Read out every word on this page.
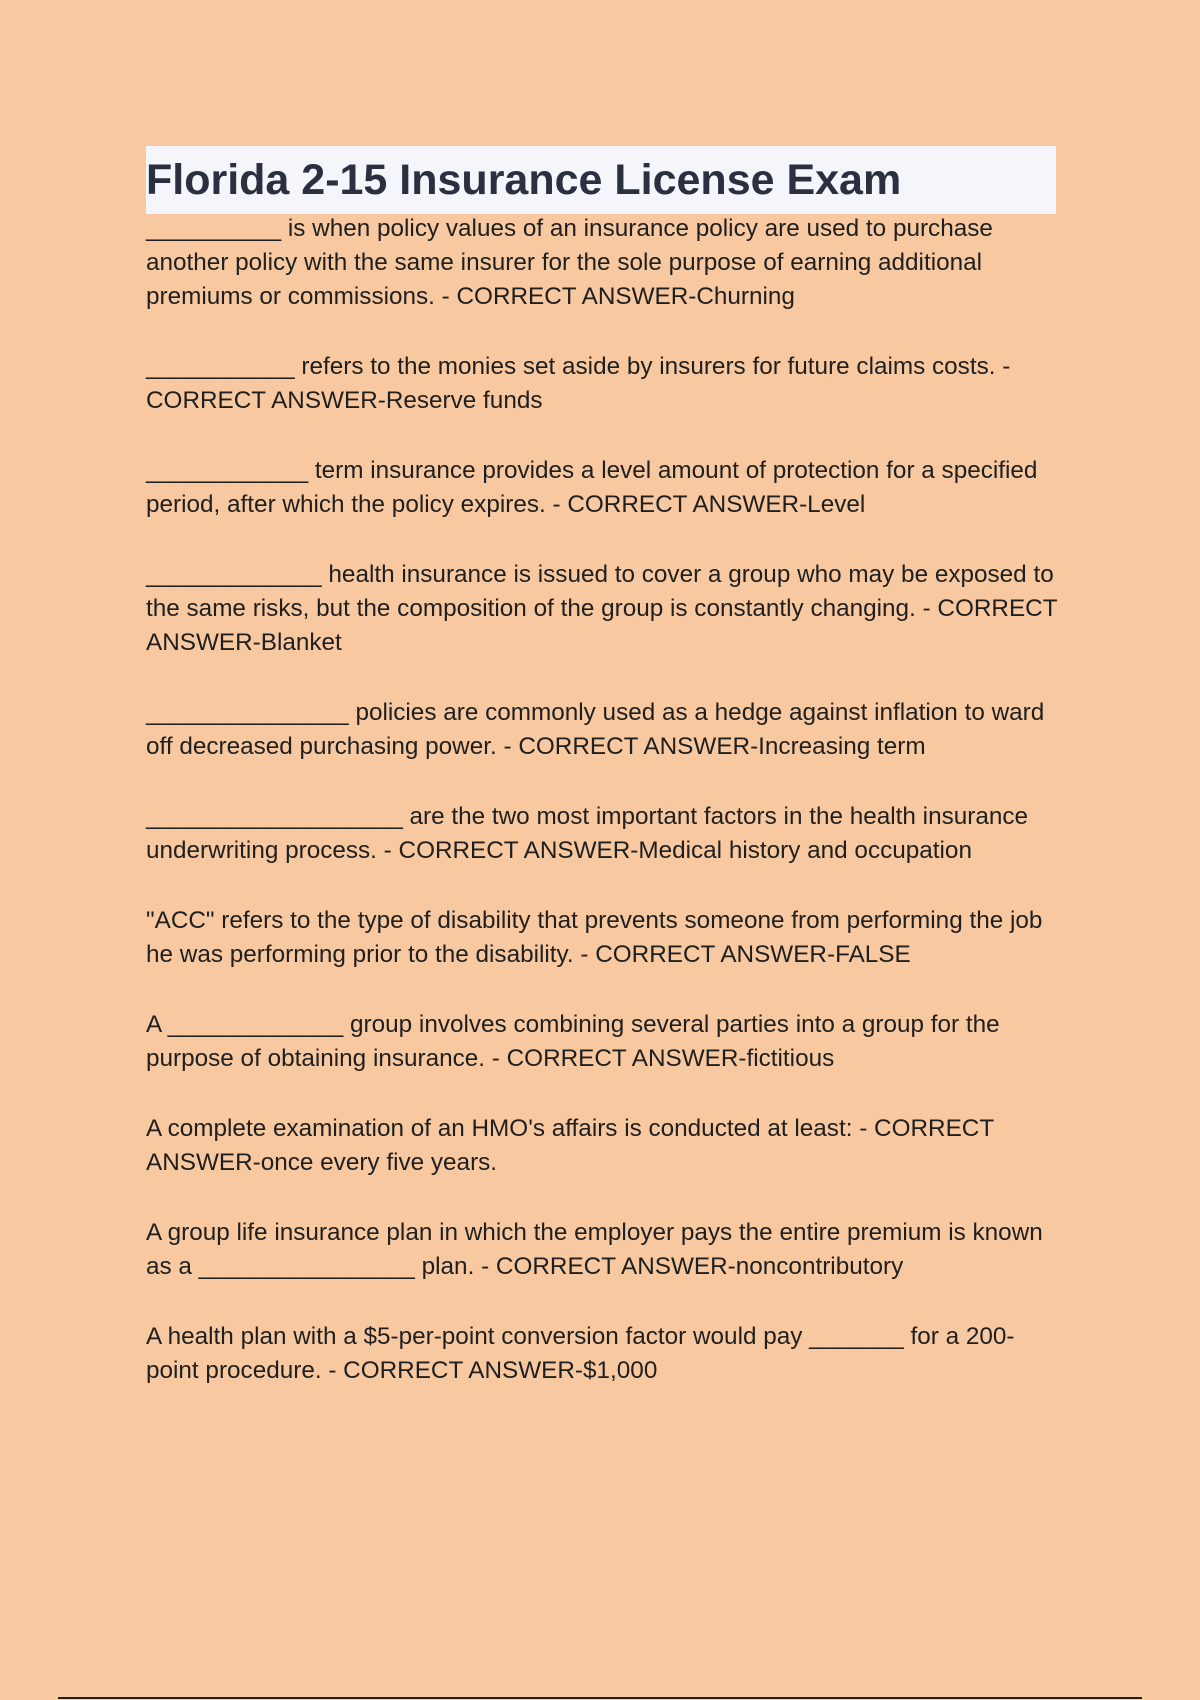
Florida 2-15 Insurance License Exam

__________ is when policy values of an insurance policy are used to purchase another policy with the same insurer for the sole purpose of earning additional premiums or commissions. - CORRECT ANSWER-Churning

___________ refers to the monies set aside by insurers for future claims costs. - CORRECT ANSWER-Reserve funds

____________ term insurance provides a level amount of protection for a specified period, after which the policy expires. - CORRECT ANSWER-Level

_____________ health insurance is issued to cover a group who may be exposed to the same risks, but the composition of the group is constantly changing. - CORRECT ANSWER-Blanket

_______________ policies are commonly used as a hedge against inflation to ward off decreased purchasing power. - CORRECT ANSWER-Increasing term

___________________ are the two most important factors in the health insurance underwriting process. - CORRECT ANSWER-Medical history and occupation

"ACC" refers to the type of disability that prevents someone from performing the job he was performing prior to the disability. - CORRECT ANSWER-FALSE

A _____________ group involves combining several parties into a group for the purpose of obtaining insurance. - CORRECT ANSWER-fictitious

A complete examination of an HMO's affairs is conducted at least: - CORRECT ANSWER-once every five years.

A group life insurance plan in which the employer pays the entire premium is known as a ________________ plan. - CORRECT ANSWER-noncontributory

A health plan with a $5-per-point conversion factor would pay _______ for a 200-point procedure. - CORRECT ANSWER-$1,000
